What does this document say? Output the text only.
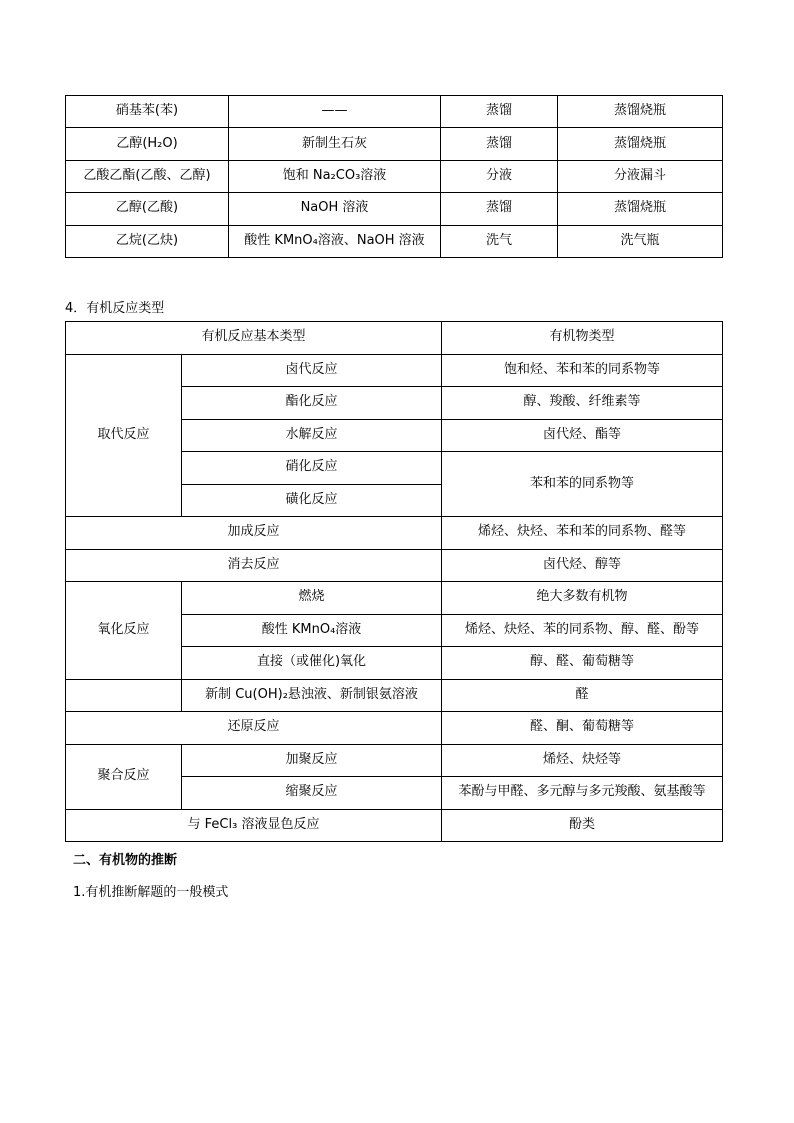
硝基苯(苯)	——	蒸馏	蒸馏烧瓶
乙醇(H₂O)	新制生石灰	蒸馏	蒸馏烧瓶
乙酸乙酯(乙酸、乙醇)	饱和 Na₂CO₃溶液	分液	分液漏斗
乙醇(乙酸)	NaOH 溶液	蒸馏	蒸馏烧瓶
乙烷(乙炔)	酸性 KMnO₄溶液、NaOH 溶液	洗气	洗气瓶
4．有机反应类型
有机反应基本类型		有机物类型
取代反应	卤代反应	饱和烃、苯和苯的同系物等
	酯化反应	醇、羧酸、纤维素等
	水解反应	卤代烃、酯等
	硝化反应	苯和苯的同系物等
	磺化反应	
加成反应		烯烃、炔烃、苯和苯的同系物、醛等
消去反应		卤代烃、醇等
氧化反应	燃烧	绝大多数有机物
	酸性 KMnO₄溶液	烯烃、炔烃、苯的同系物、醇、醛、酚等
	直接（或催化)氧化	醇、醛、葡萄糖等
	新制 Cu(OH)₂悬浊液、新制银氨溶液	醛
还原反应		醛、酮、葡萄糖等
聚合反应	加聚反应	烯烃、炔烃等
	缩聚反应	苯酚与甲醛、多元醇与多元羧酸、氨基酸等
与 FeCl₃ 溶液显色反应		酚类
二、有机物的推断
1.有机推断解题的一般模式
